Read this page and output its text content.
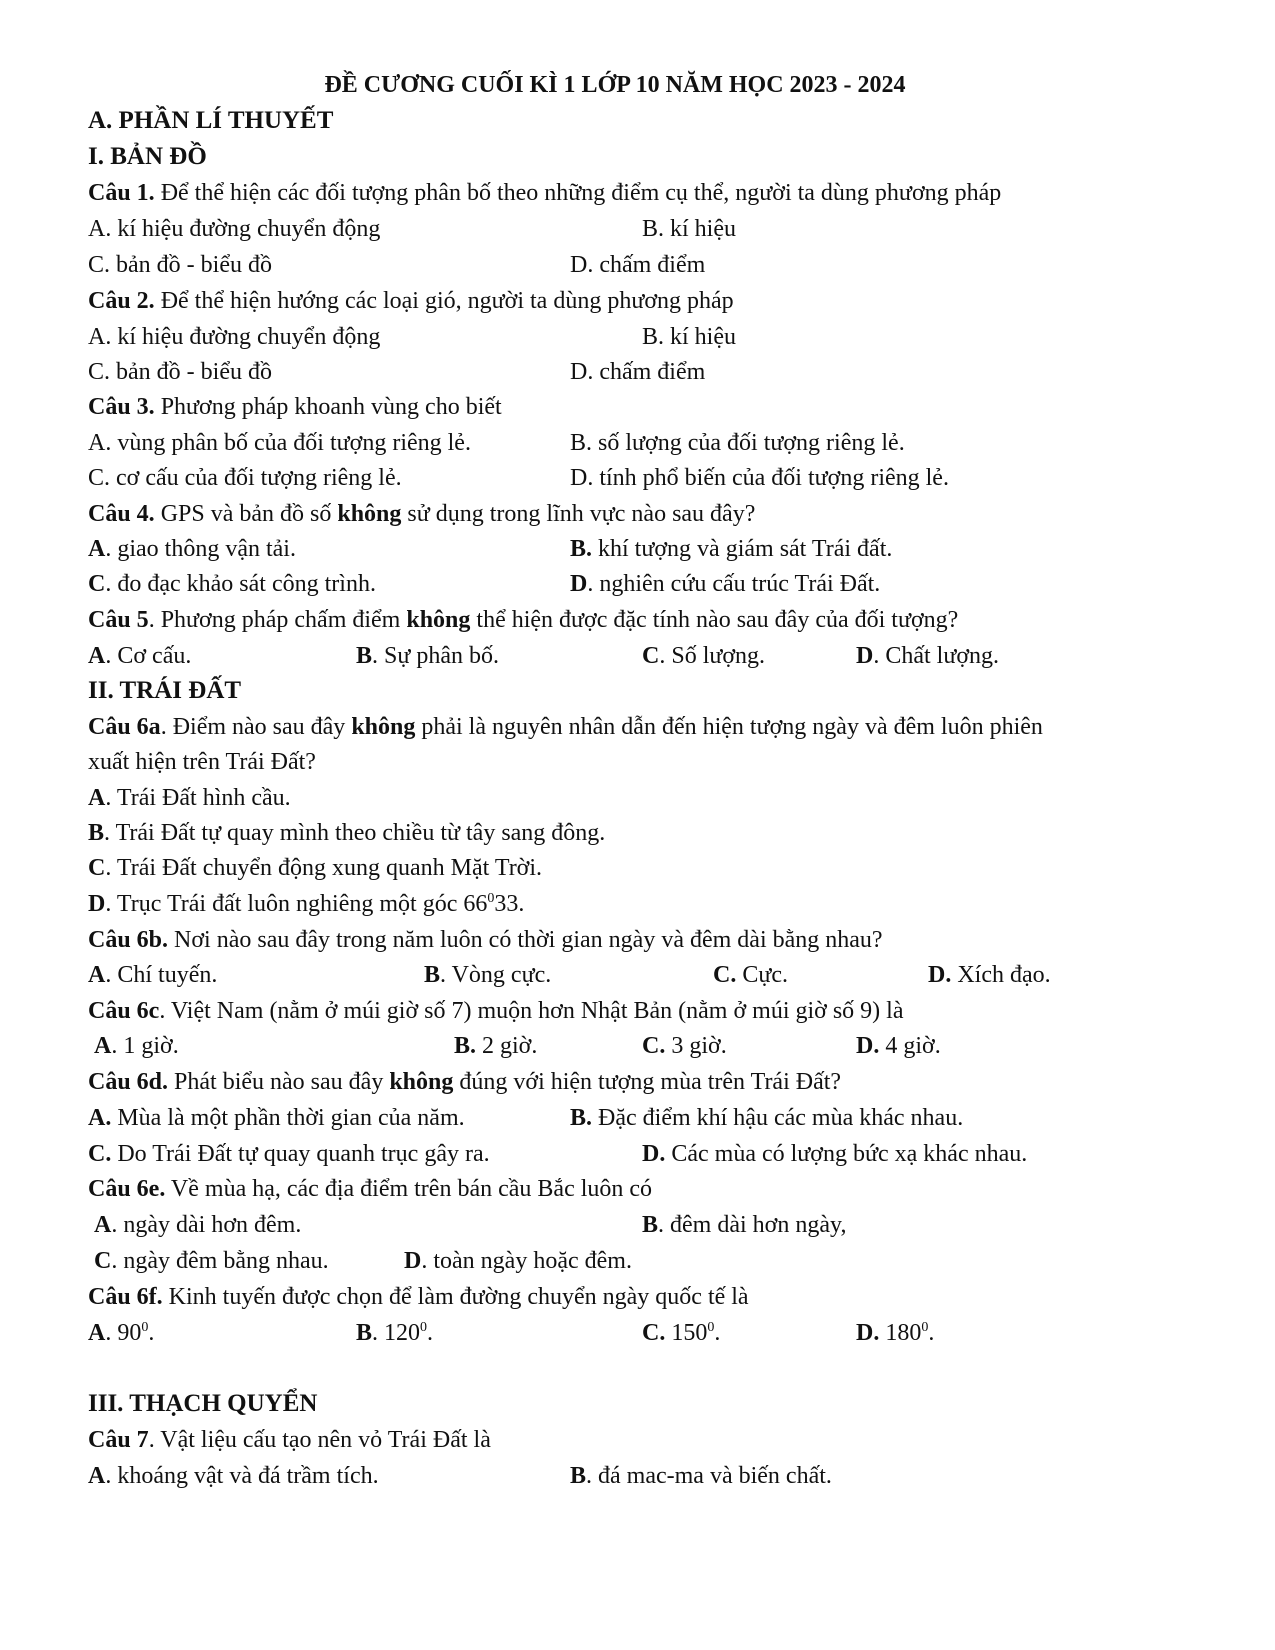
ĐỀ CƯƠNG CUỐI KÌ 1 LỚP 10 NĂM HỌC 2023 - 2024
A. PHẦN LÍ THUYẾT
I. BẢN ĐỒ
Câu 1. Để thể hiện các đối tượng phân bố theo những điểm cụ thể, người ta dùng phương pháp
A. kí hiệu đường chuyển động	B. kí hiệu
C. bản đồ - biểu đồ	D. chấm điểm
Câu 2. Để thể hiện hướng các loại gió, người ta dùng phương pháp
A. kí hiệu đường chuyển động	B. kí hiệu
C. bản đồ - biểu đồ	D. chấm điểm
Câu 3. Phương pháp khoanh vùng cho biết
A. vùng phân bố của đối tượng riêng lẻ.	B. số lượng của đối tượng riêng lẻ.
C. cơ cấu của đối tượng riêng lẻ.	D. tính phổ biến của đối tượng riêng lẻ.
Câu 4. GPS và bản đồ số không sử dụng trong lĩnh vực nào sau đây?
A. giao thông vận tải.	B. khí tượng và giám sát Trái đất.
C. đo đạc khảo sát công trình.	D. nghiên cứu cấu trúc Trái Đất.
Câu 5. Phương pháp chấm điểm không thể hiện được đặc tính nào sau đây của đối tượng?
A. Cơ cấu.	B. Sự phân bố.	C. Số lượng.	D. Chất lượng.
II. TRÁI ĐẤT
Câu 6a. Điểm nào sau đây không phải là nguyên nhân dẫn đến hiện tượng ngày và đêm luôn phiên
xuất hiện trên Trái Đất?
A. Trái Đất hình cầu.
B. Trái Đất tự quay mình theo chiều từ tây sang đông.
C. Trái Đất chuyển động xung quanh Mặt Trời.
D. Trục Trái đất luôn nghiêng một góc $66^033$.
Câu 6b. Nơi nào sau đây trong năm luôn có thời gian ngày và đêm dài bằng nhau?
A. Chí tuyến.	B. Vòng cực.	C. Cực.	D. Xích đạo.
Câu 6c. Việt Nam (nằm ở múi giờ số 7) muộn hơn Nhật Bản (nằm ở múi giờ số 9) là
A. 1 giờ.	B. 2 giờ.	C. 3 giờ.	D. 4 giờ.
Câu 6d. Phát biểu nào sau đây không đúng với hiện tượng mùa trên Trái Đất?
A. Mùa là một phần thời gian của năm.	B. Đặc điểm khí hậu các mùa khác nhau.
C. Do Trái Đất tự quay quanh trục gây ra.	D. Các mùa có lượng bức xạ khác nhau.
Câu 6e. Về mùa hạ, các địa điểm trên bán cầu Bắc luôn có
A. ngày dài hơn đêm.	B. đêm dài hơn ngày,
C. ngày đêm bằng nhau.	D. toàn ngày hoặc đêm.
Câu 6f. Kinh tuyến được chọn để làm đường chuyển ngày quốc tế là
A. $90^0$.	B. $120^0$.	C. $150^0$.	D. $180^0$.
III. THẠCH QUYỂN
Câu 7. Vật liệu cấu tạo nên vỏ Trái Đất là
A. khoáng vật và đá trầm tích.	B. đá mac-ma và biến chất.
